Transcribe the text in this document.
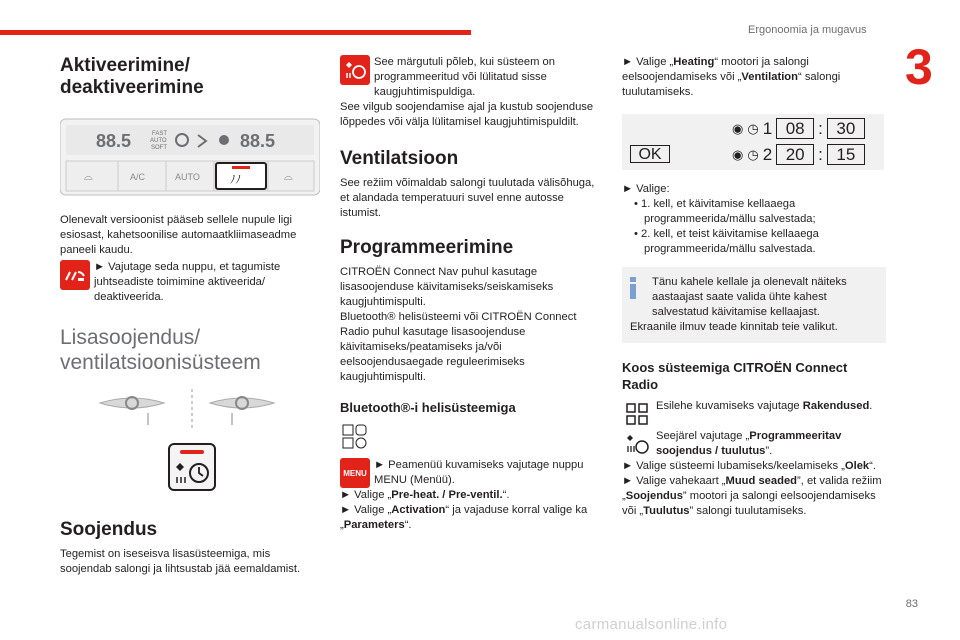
Ergonoomia ja mugavus
3
Aktiveerimine/ deaktiveerimine
88.5	FAST
AUTO
SOFT	88.5
⌓	A/C	AUTO	ﾉﾉ	⌓

Olenevalt versioonist pääseb sellele nupule ligi esiosast, kahetsoonilise automaatkliimaseadme paneeli kaudu.

► Vajutage seda nuppu, et tagumiste juhtseadiste toimimine aktiveerida/ deaktiveerida.

Lisasoojendus/ ventilatsioonisüsteem
Soojendus

Tegemist on iseseisva lisasüsteemiga, mis soojendab salongi ja lihtsustab jää eemaldamist.

See märgutuli põleb, kui süsteem on programmeeritud või lülitatud sisse kaugjuhtimispuldiga.

See vilgub soojendamise ajal ja kustub soojenduse lõppedes või välja lülitamisel kaugjuhtimispuldilt.

Ventilatsioon

See režiim võimaldab salongi tuulutada välisõhuga, et alandada temperatuuri suvel enne autosse istumist.

Programmeerimine

CITROËN Connect Nav puhul kasutage lisasoojenduse käivitamiseks/seiskamiseks kaugjuhtimispulti.

Bluetooth® helisüsteemi või CITROËN Connect Radio puhul kasutage lisasoojenduse käivitamiseks/peatamiseks ja/või eelsoojendusaegade reguleerimiseks kaugjuhtimispulti.

Bluetooth®-i helisüsteemiga
MENU

► Peamenüü kuvamiseks vajutage nuppu MENU (Menüü).

► Valige „Pre-heat. / Pre-ventil.“.

► Valige „Activation“ ja vajaduse korral valige ka „Parameters“.

► Valige „Heating“ mootori ja salongi eelsoojendamiseks või „Ventilation“ salongi tuulutamiseks.

◉ ◷ 1 08 : 30
◉ ◷ 2 20 : 15
OK

► Valige:

• 1. kell, et käivitamise kellaaega programmeerida/mällu salvestada;
• 2. kell, et teist käivitamise kellaaega programmeerida/mällu salvestada.

Tänu kahele kellale ja olenevalt näiteks aastaajast saate valida ühte kahest salvestatud käivitamise kellaajast.

Ekraanile ilmuv teade kinnitab teie valikut.

Koos süsteemiga CITROËN Connect Radio

Esilehe kuvamiseks vajutage Rakendused.

Seejärel vajutage „Programmeeritav soojendus / tuulutus”.

► Valige süsteemi lubamiseks/keelamiseks „Olek“.

► Valige vahekaart „Muud seaded”, et valida režiim „Soojendus” mootori ja salongi eelsoojendamiseks või „Tuulutus” salongi tuulutamiseks.

carmanualsonline.info
83
